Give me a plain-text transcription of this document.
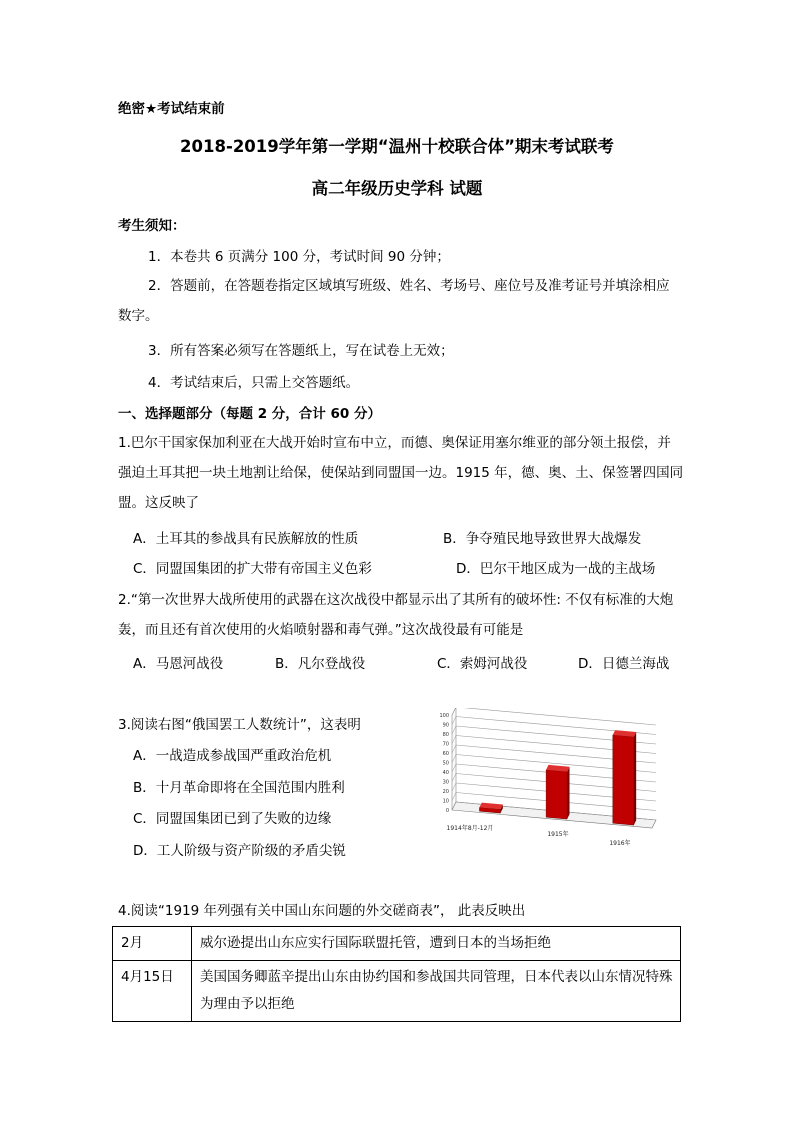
绝密★考试结束前
2018-2019学年第一学期“温州十校联合体”期末考试联考
高二年级历史学科 试题
考生须知：
1．本卷共 6 页满分 100 分，考试时间 90 分钟；
2．答题前，在答题卷指定区域填写班级、姓名、考场号、座位号及准考证号并填涂相应数字。
3．所有答案必须写在答题纸上，写在试卷上无效；
4．考试结束后，只需上交答题纸。
一、选择题部分（每题 2 分，合计 60 分）
1.巴尔干国家保加利亚在大战开始时宣布中立，而德、奥保证用塞尔维亚的部分领土报偿，并强迫土耳其把一块土地割让给保，使保站到同盟国一边。1915 年，德、奥、土、保签署四国同盟。这反映了
A．土耳其的参战具有民族解放的性质	B．争夺殖民地导致世界大战爆发
C．同盟国集团的扩大带有帝国主义色彩	D．巴尔干地区成为一战的主战场
2.“第一次世界大战所使用的武器在这次战役中都显示出了其所有的破坏性: 不仅有标准的大炮轰，而且还有首次使用的火焰喷射器和毒气弹。”这次战役最有可能是
A．马恩河战役	B．凡尔登战役	C．索姆河战役	D．日德兰海战
3.阅读右图“俄国罢工人数统计”，这表明
A．一战造成参战国严重政治危机
B．十月革命即将在全国范围内胜利
C．同盟国集团已到了失败的边缘
D．工人阶级与资产阶级的矛盾尖锐
0
10
20
30
40
50
60
70
80
90
100
1914年8月-12月
1915年
1916年
4.阅读“1919 年列强有关中国山东问题的外交磋商表”， 此表反映出
2月	威尔逊提出山东应实行国际联盟托管，遭到日本的当场拒绝
4月15日	美国国务卿蓝辛提出山东由协约国和参战国共同管理，日本代表以山东情况特殊为理由予以拒绝
